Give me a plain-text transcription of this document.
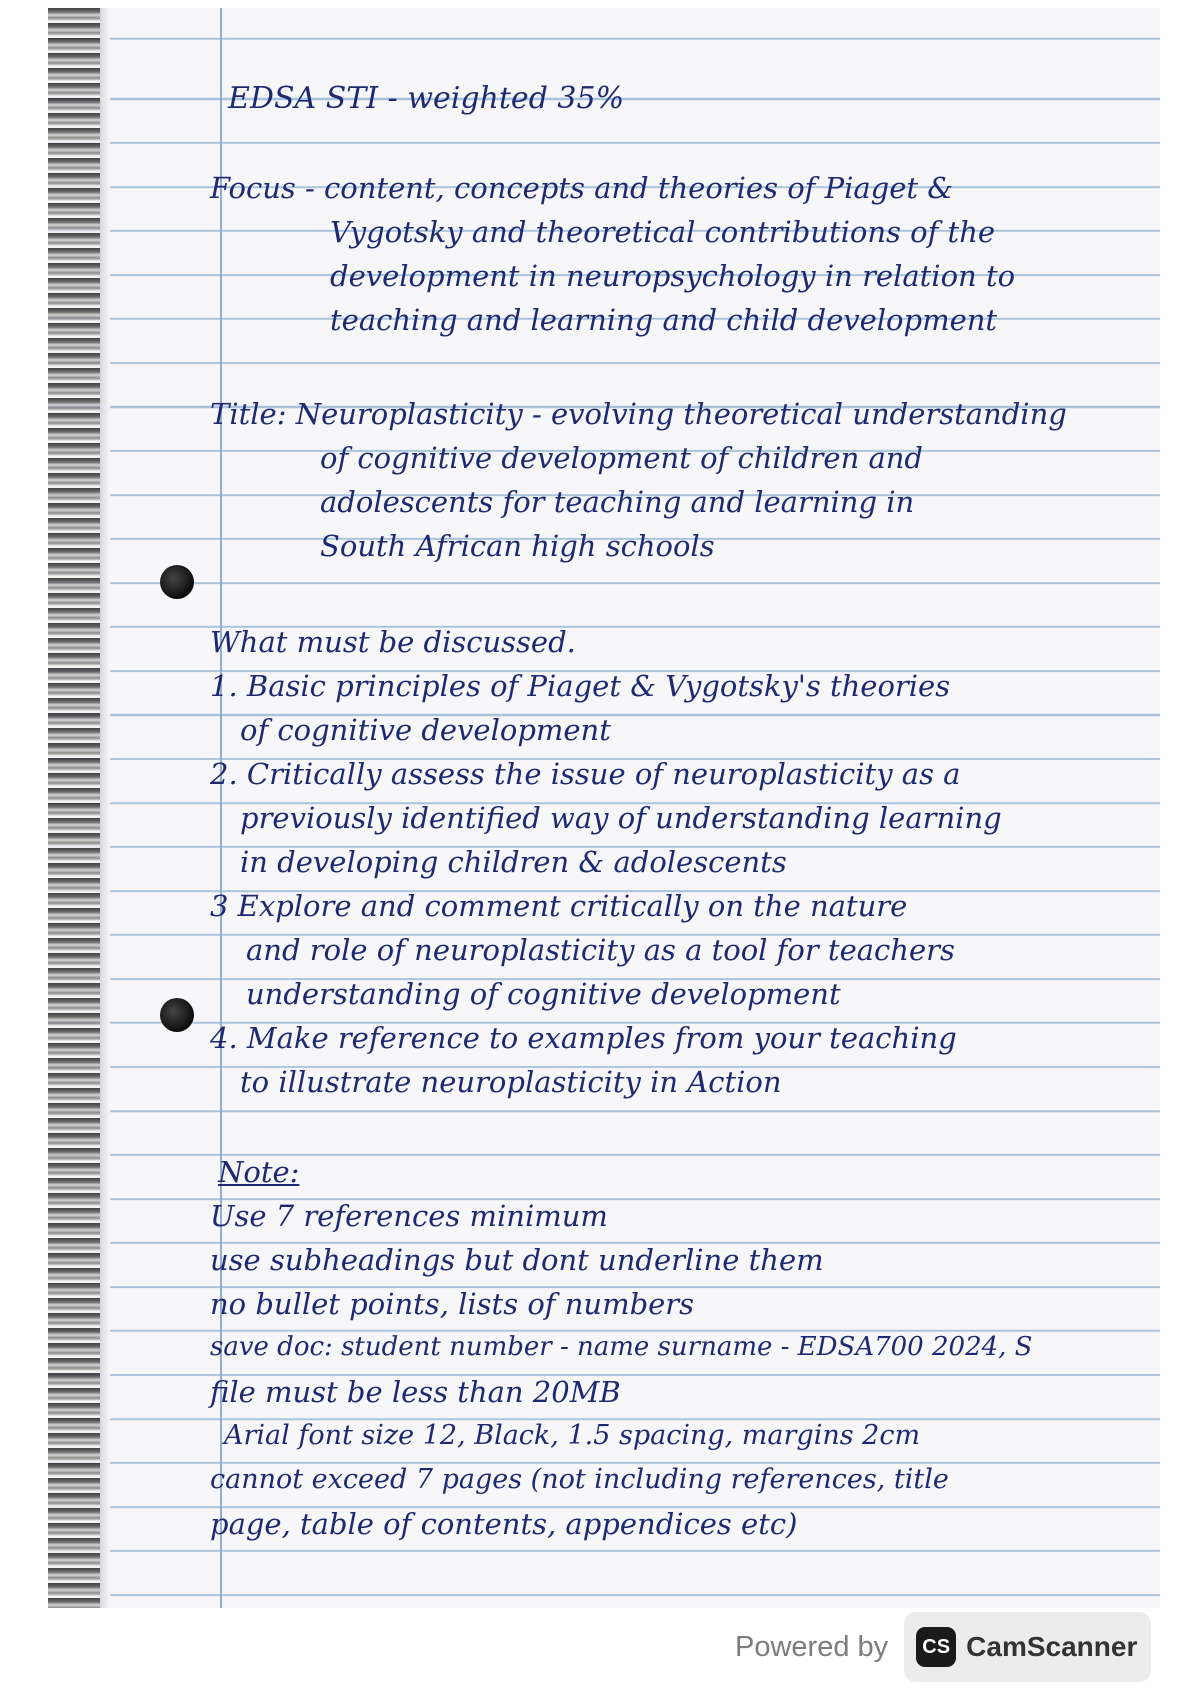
EDSA STI - weighted 35%
Focus - content, concepts and theories of Piaget &
Vygotsky and theoretical contributions of the
development in neuropsychology in relation to
teaching and learning and child development
Title: Neuroplasticity - evolving theoretical understanding
of cognitive development of children and
adolescents for teaching and learning in
South African high schools
What must be discussed.
1. Basic principles of Piaget & Vygotsky's theories
of cognitive development
2. Critically assess the issue of neuroplasticity as a
previously identified way of understanding learning
in developing children & adolescents
3 Explore and comment critically on the nature
and role of neuroplasticity as a tool for teachers
understanding of cognitive development
4. Make reference to examples from your teaching
to illustrate neuroplasticity in Action
Note:
Use 7 references minimum
use subheadings but dont underline them
no bullet points, lists of numbers
save doc: student number - name surname - EDSA700 2024, S
file must be less than 20MB
Arial font size 12, Black, 1.5 spacing, margins 2cm
cannot exceed 7 pages (not including references, title
page, table of contents, appendices etc)
Powered by	CS CamScanner
